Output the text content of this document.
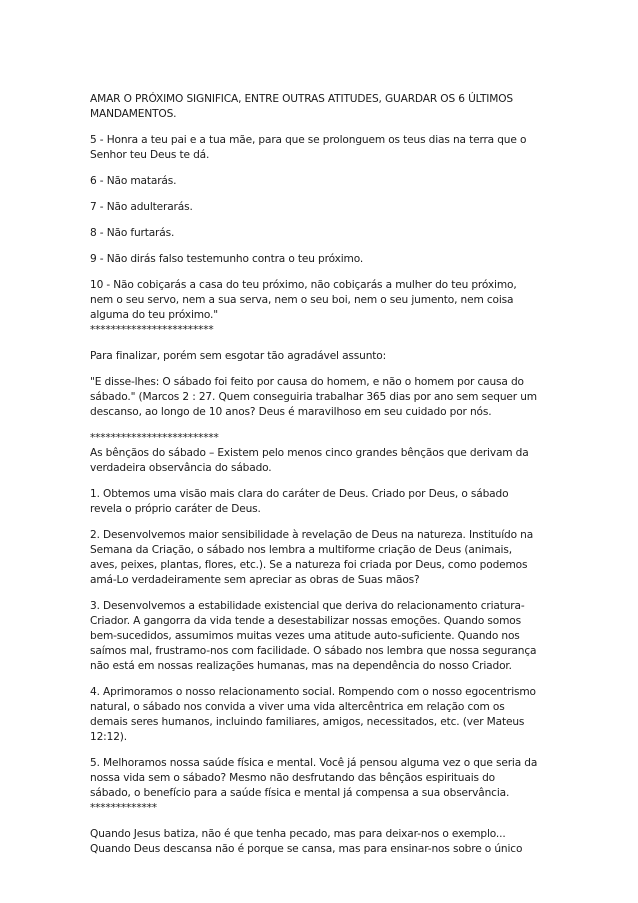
AMAR O PRÓXIMO SIGNIFICA, ENTRE OUTRAS ATITUDES, GUARDAR OS 6 ÚLTIMOS
MANDAMENTOS.

5 - Honra a teu pai e a tua mãe, para que se prolonguem os teus dias na terra que o
Senhor teu Deus te dá.

6 - Não matarás.

7 - Não adulterarás.

8 - Não furtarás.

9 - Não dirás falso testemunho contra o teu próximo.

10 - Não cobiçarás a casa do teu próximo, não cobiçarás a mulher do teu próximo,
nem o seu servo, nem a sua serva, nem o seu boi, nem o seu jumento, nem coisa
alguma do teu próximo."
************************

Para finalizar, porém sem esgotar tão agradável assunto:

"E disse-lhes: O sábado foi feito por causa do homem, e não o homem por causa do
sábado." (Marcos 2 : 27. Quem conseguiria trabalhar 365 dias por ano sem sequer um
descanso, ao longo de 10 anos? Deus é maravilhoso em seu cuidado por nós.

*************************
As bênçãos do sábado – Existem pelo menos cinco grandes bênçãos que derivam da
verdadeira observância do sábado.

1. Obtemos uma visão mais clara do caráter de Deus. Criado por Deus, o sábado
revela o próprio caráter de Deus.

2. Desenvolvemos maior sensibilidade à revelação de Deus na natureza. Instituído na
Semana da Criação, o sábado nos lembra a multiforme criação de Deus (animais,
aves, peixes, plantas, flores, etc.). Se a natureza foi criada por Deus, como podemos
amá-Lo verdadeiramente sem apreciar as obras de Suas mãos?

3. Desenvolvemos a estabilidade existencial que deriva do relacionamento criatura-
Criador. A gangorra da vida tende a desestabilizar nossas emoções. Quando somos
bem-sucedidos, assumimos muitas vezes uma atitude auto-suficiente. Quando nos
saímos mal, frustramo-nos com facilidade. O sábado nos lembra que nossa segurança
não está em nossas realizações humanas, mas na dependência do nosso Criador.

4. Aprimoramos o nosso relacionamento social. Rompendo com o nosso egocentrismo
natural, o sábado nos convida a viver uma vida altercêntrica em relação com os
demais seres humanos, incluindo familiares, amigos, necessitados, etc. (ver Mateus
12:12).

5. Melhoramos nossa saúde física e mental. Você já pensou alguma vez o que seria da
nossa vida sem o sábado? Mesmo não desfrutando das bênçãos espirituais do
sábado, o benefício para a saúde física e mental já compensa a sua observância.
*************

Quando Jesus batiza, não é que tenha pecado, mas para deixar-nos o exemplo...
Quando Deus descansa não é porque se cansa, mas para ensinar-nos sobre o único
